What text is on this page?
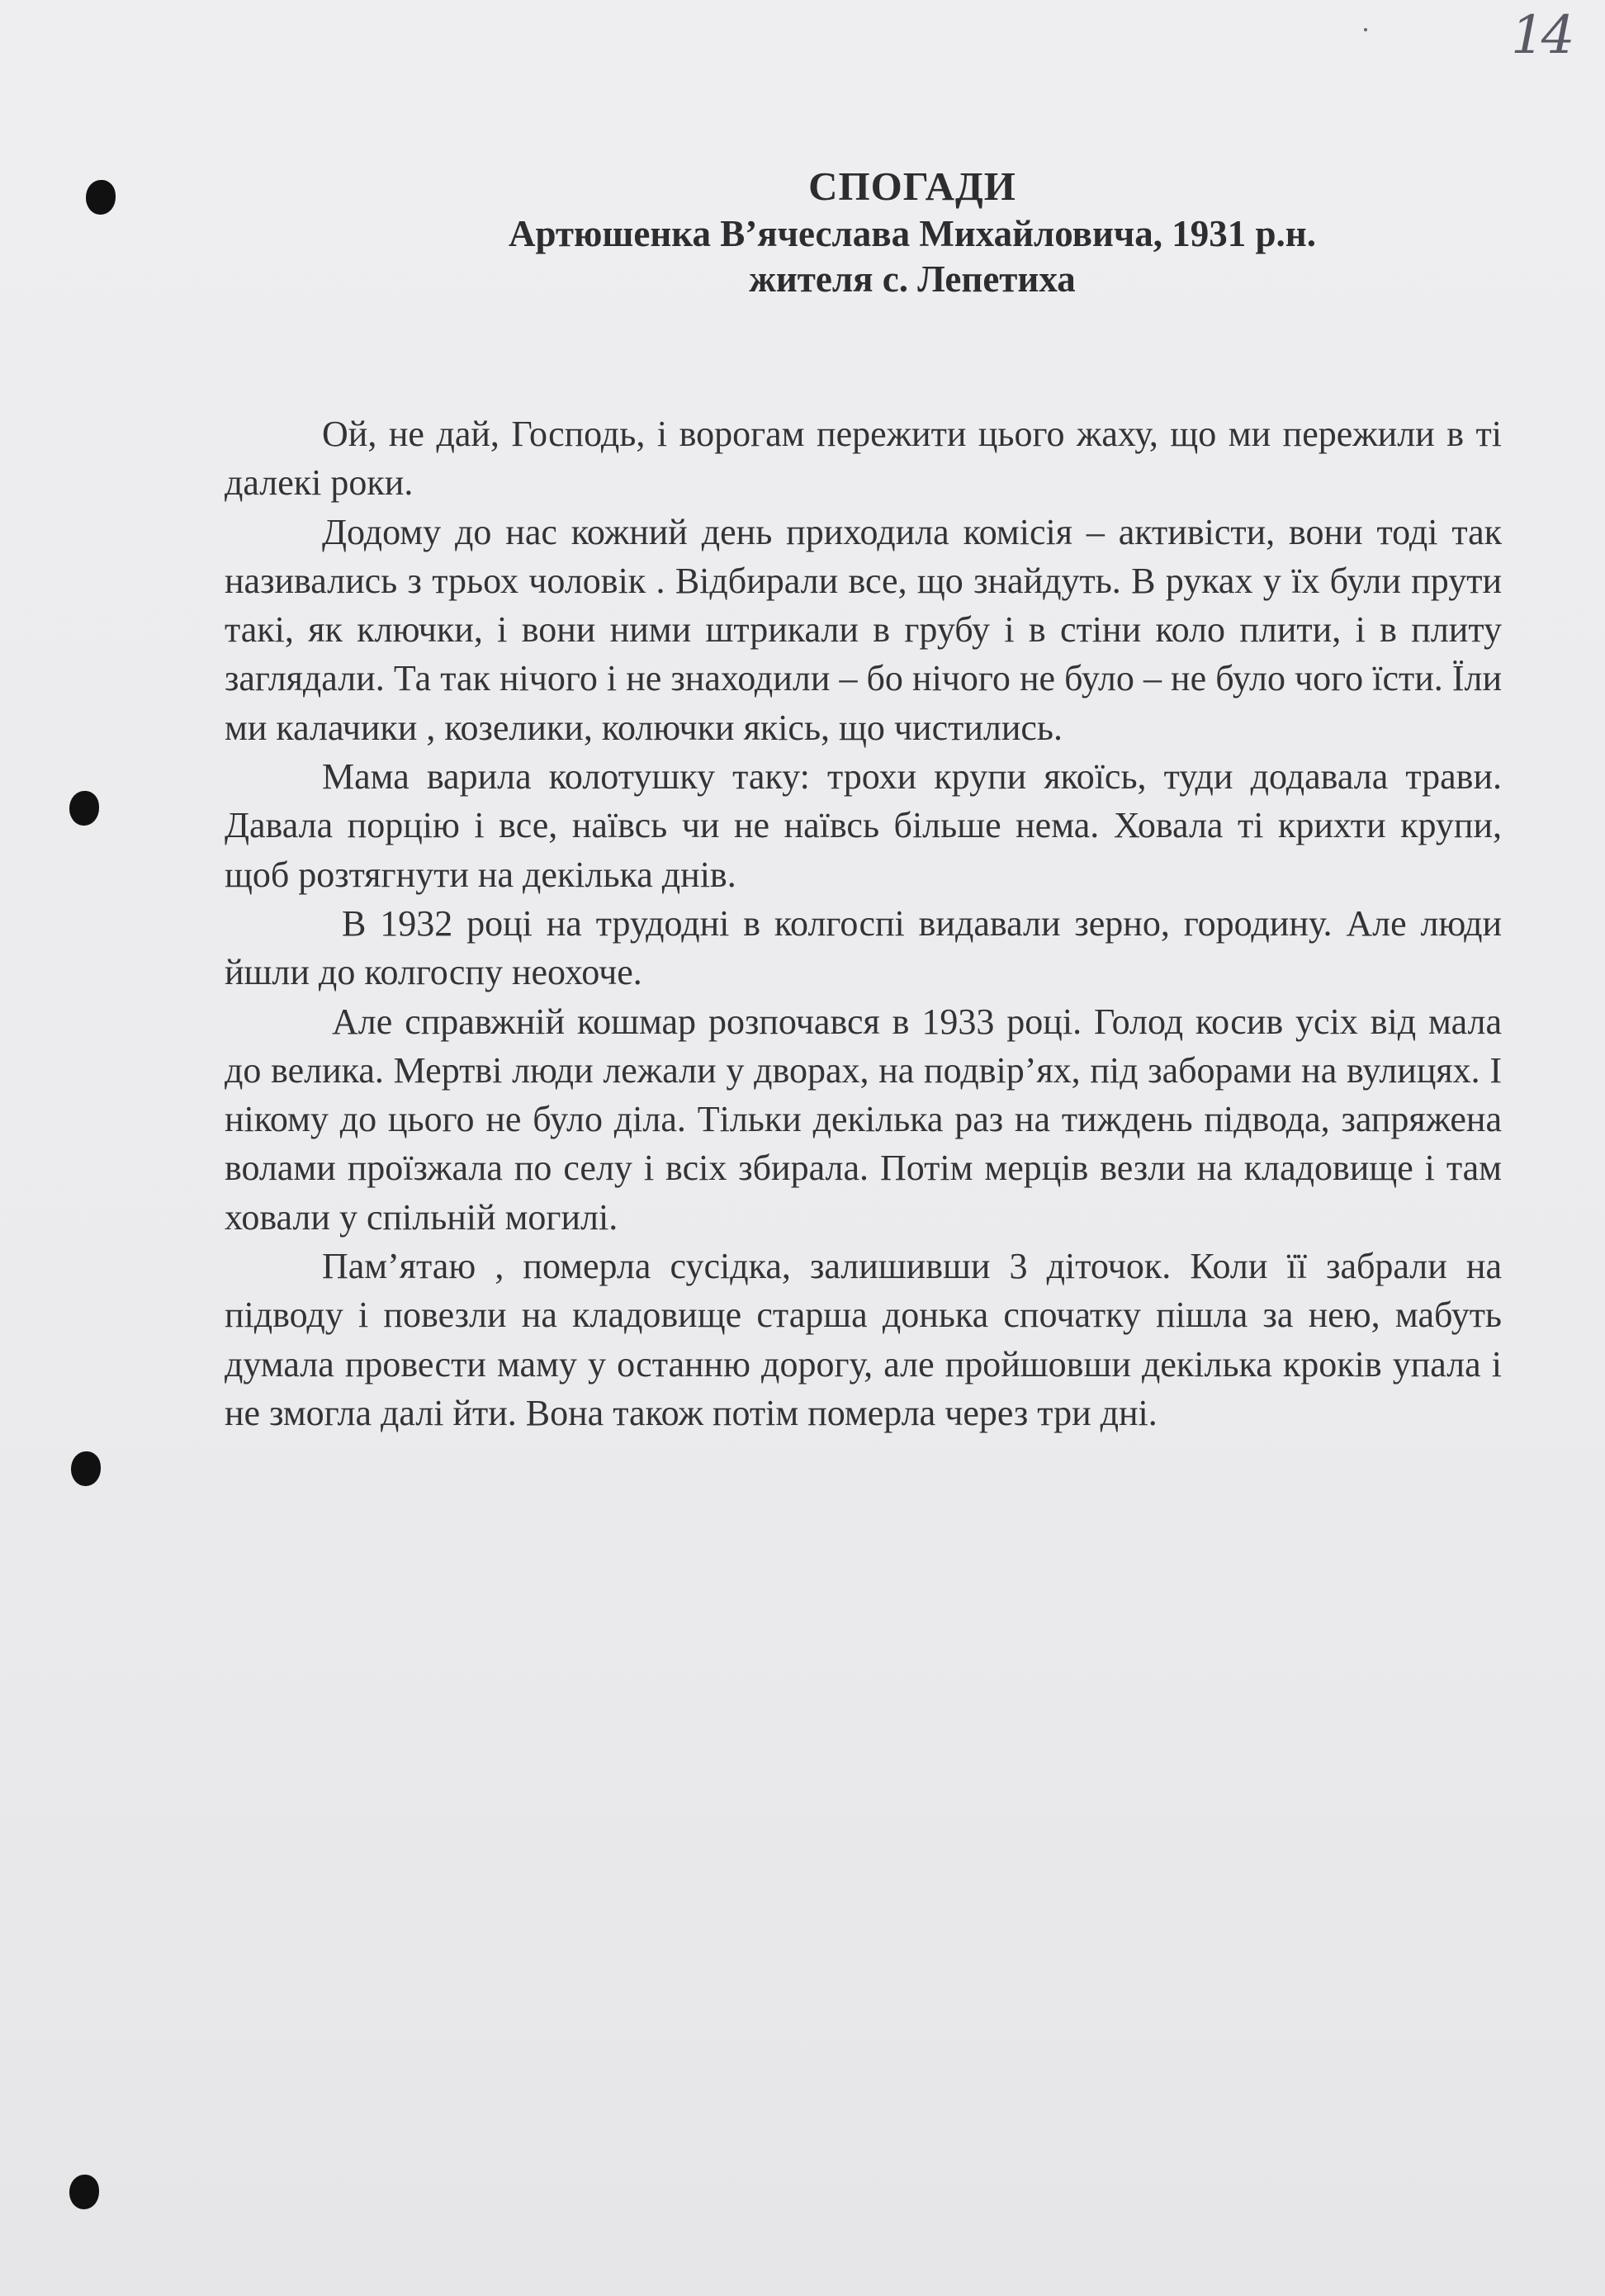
14
СПОГАДИ
Артюшенка В’ячеслава Михайловича, 1931 р.н.
жителя с. Лепетиха

Ой, не дай, Господь, і ворогам пережити цього жаху, що ми пережили в ті далекі роки.

Додому до нас кожний день приходила комісія – активісти, вони тоді так називались з трьох чоловік . Відбирали все, що знайдуть. В руках у їх були прути такі, як ключки, і вони ними штрикали в грубу і в стіни коло плити, і в плиту заглядали. Та так нічого і не знаходили – бо нічого не було – не було чого їсти. Їли ми калачики , козелики, колючки якісь, що чистились.

Мама варила колотушку таку: трохи крупи якоїсь, туди додавала трави. Давала порцію і все, наївсь чи не наївсь більше нема. Ховала ті крихти крупи, щоб розтягнути на декілька днів.

В 1932 році на трудодні в колгоспі видавали зерно, городину. Але люди йшли до колгоспу неохоче.

Але справжній кошмар розпочався в 1933 році. Голод косив усіх від мала до велика. Мертві люди лежали у дворах, на подвір’ях, під заборами на вулицях. І нікому до цього не було діла. Тільки декілька раз на тиждень підвода, запряжена волами проїзжала по селу і всіх збирала. Потім мерців везли на кладовище і там ховали у спільній могилі.

Пам’ятаю , померла сусідка, залишивши 3 діточок. Коли її забрали на підводу і повезли на кладовище старша донька спочатку пішла за нею, мабуть думала провести маму у останню дорогу, але пройшовши декілька кроків упала і не змогла далі йти. Вона також потім померла через три дні.
